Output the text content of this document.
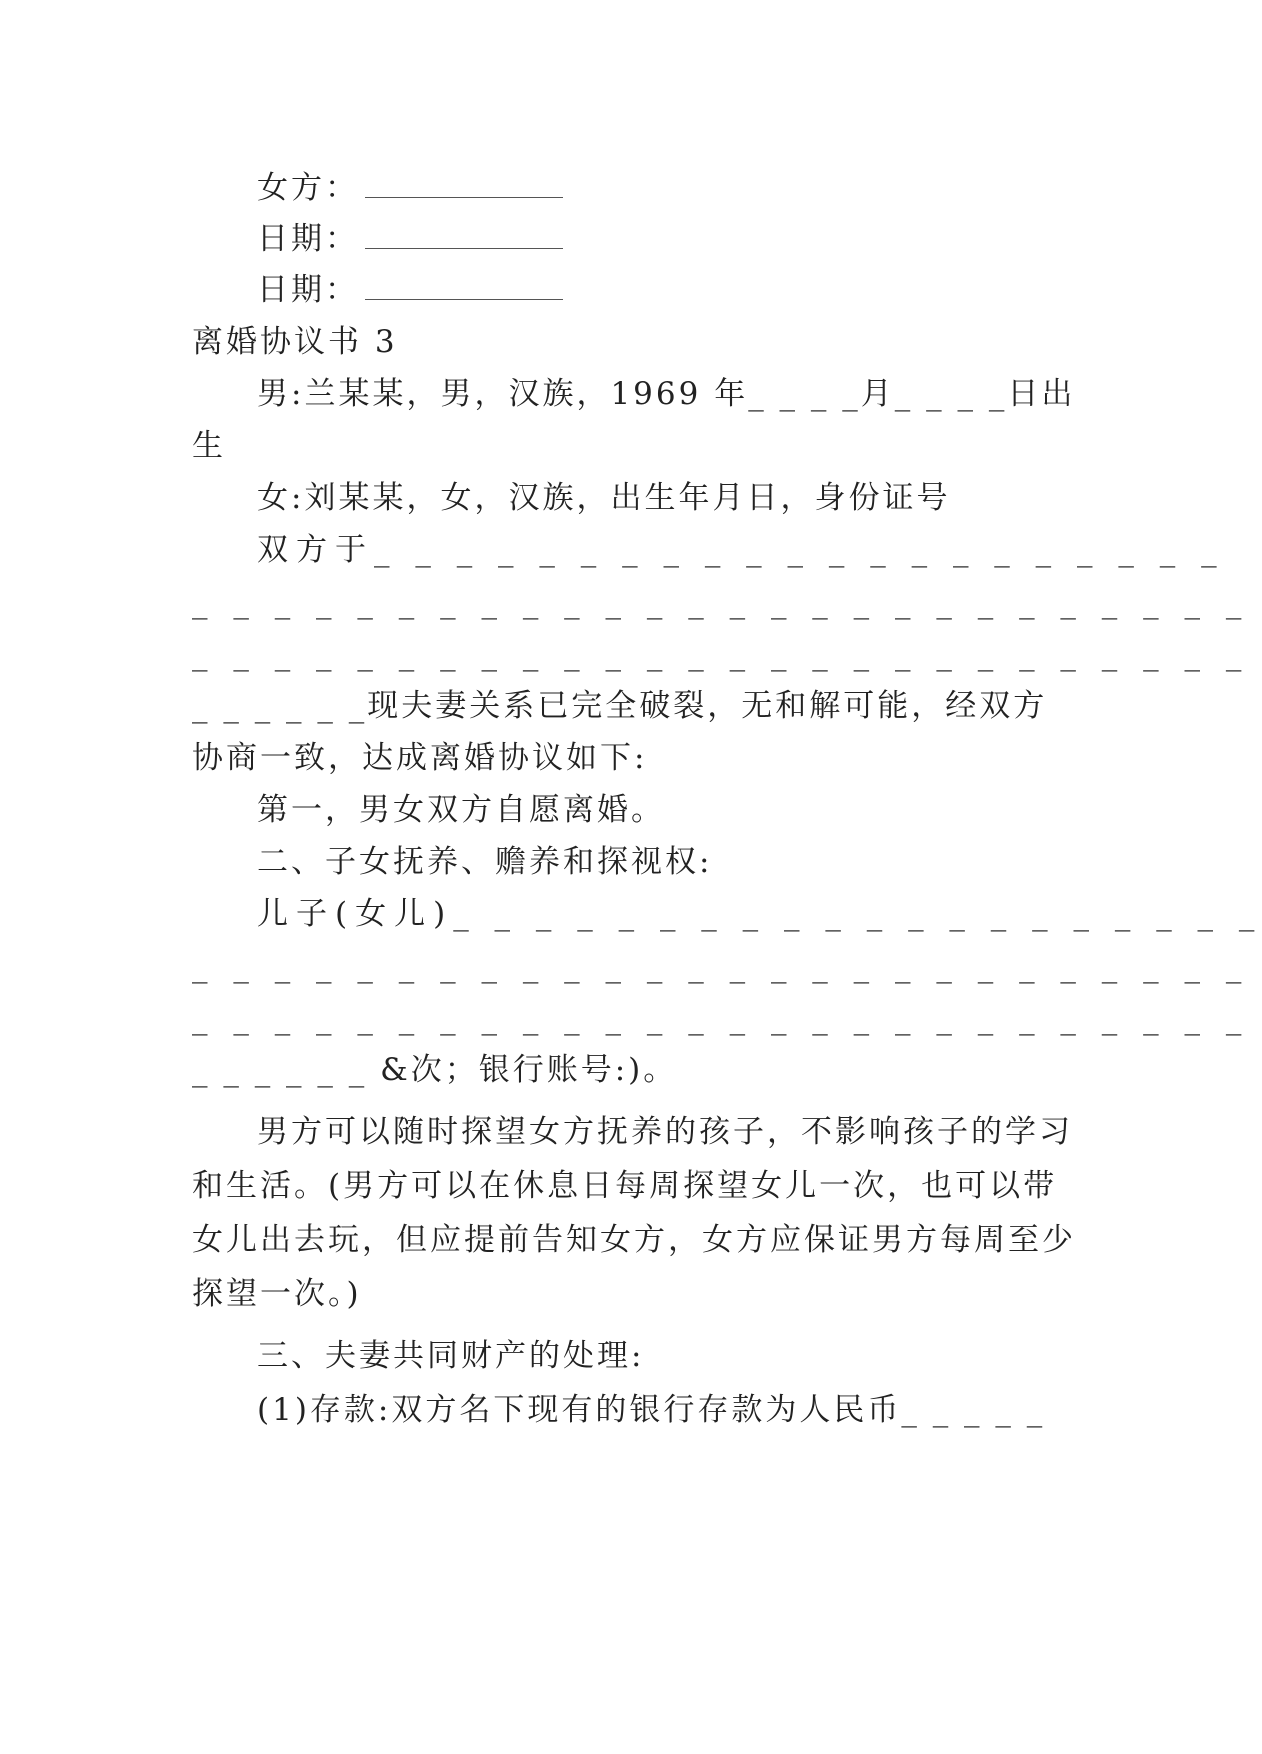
女方：
日期：
日期：
离婚协议书 3
男:兰某某，男，汉族，1969 年_ _ _ _月_ _ _ _日出
生
女:刘某某，女，汉族，出生年月日，身份证号
双方于_ _ _ _ _ _ _ _ _ _ _ _ _ _ _ _ _ _ _ _ _
_ _ _ _ _ _ _ _ _ _ _ _ _ _ _ _ _ _ _ _ _ _ _ _ _ _
_ _ _ _ _ _ _ _ _ _ _ _ _ _ _ _ _ _ _ _ _ _ _ _ _ _
_ _ _ _ _ _现夫妻关系已完全破裂，无和解可能，经双方
协商一致，达成离婚协议如下:
第一，男女双方自愿离婚。
二、子女抚养、赡养和探视权:
儿子(女儿)_ _ _ _ _ _ _ _ _ _ _ _ _ _ _ _ _ _ _ _
_ _ _ _ _ _ _ _ _ _ _ _ _ _ _ _ _ _ _ _ _ _ _ _ _ _
_ _ _ _ _ _ _ _ _ _ _ _ _ _ _ _ _ _ _ _ _ _ _ _ _ _
_ _ _ _ _ _ &次；银行账号:)。
男方可以随时探望女方抚养的孩子，不影响孩子的学习
和生活。(男方可以在休息日每周探望女儿一次，也可以带
女儿出去玩，但应提前告知女方，女方应保证男方每周至少
探望一次。)
三、夫妻共同财产的处理:
(1)存款:双方名下现有的银行存款为人民币_ _ _ _ _
